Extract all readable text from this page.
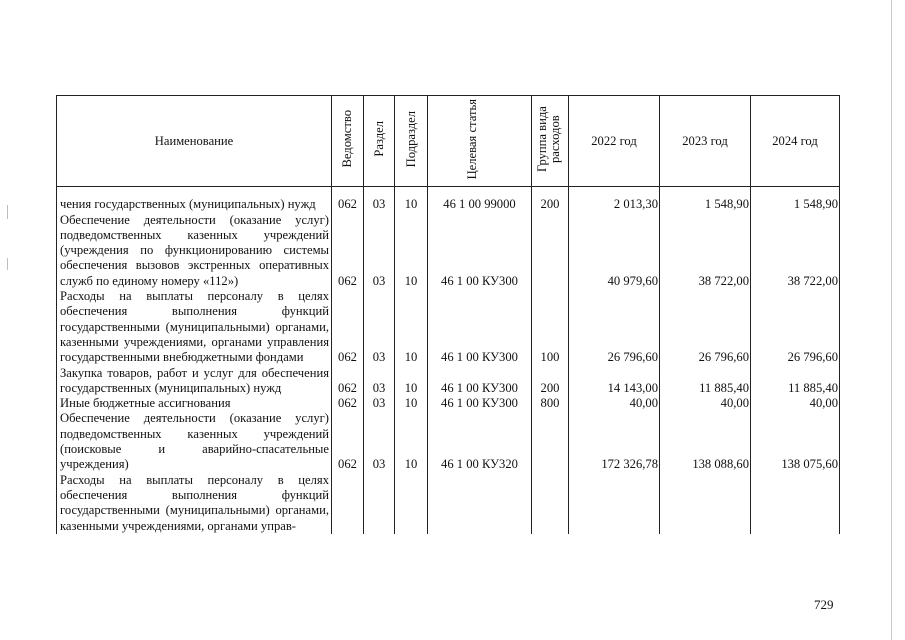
Наименование	Ведомство	Раздел	Подраздел	Целевая статья	Группа вида расходов	2022 год	2023 год	2024 год

чения государственных (муниципальных) нужд	062	03	10	46 1 00 99000	200	2 013,30	1 548,90	1 548,90
Обеспечение деятельности (оказание услуг) подведомственных казенных учреждений (учреждения по функционированию системы обеспечения вызовов экстренных оперативных служб по единому номеру «112»)	062	03	10	46 1 00 КУ300		40 979,60	38 722,00	38 722,00
Расходы на выплаты персоналу в целях обеспечения выполнения функций государственными (муниципальными) органами, казенными учреждениями, органами управления государственными внебюджетными фондами	062	03	10	46 1 00 КУ300	100	26 796,60	26 796,60	26 796,60
Закупка товаров, работ и услуг для обеспечения государственных (муниципальных) нужд	062	03	10	46 1 00 КУ300	200	14 143,00	11 885,40	11 885,40
Иные бюджетные ассигнования	062	03	10	46 1 00 КУ300	800	40,00	40,00	40,00
Обеспечение деятельности (оказание услуг) подведомственных казенных учреждений (поисковые и аварийно-спасательные учреждения)	062	03	10	46 1 00 КУ320		172 326,78	138 088,60	138 075,60
Расходы на выплаты персоналу в целях обеспечения выполнения функций государственными (муниципальными) органами, казенными учреждениями, органами управ-								
729
